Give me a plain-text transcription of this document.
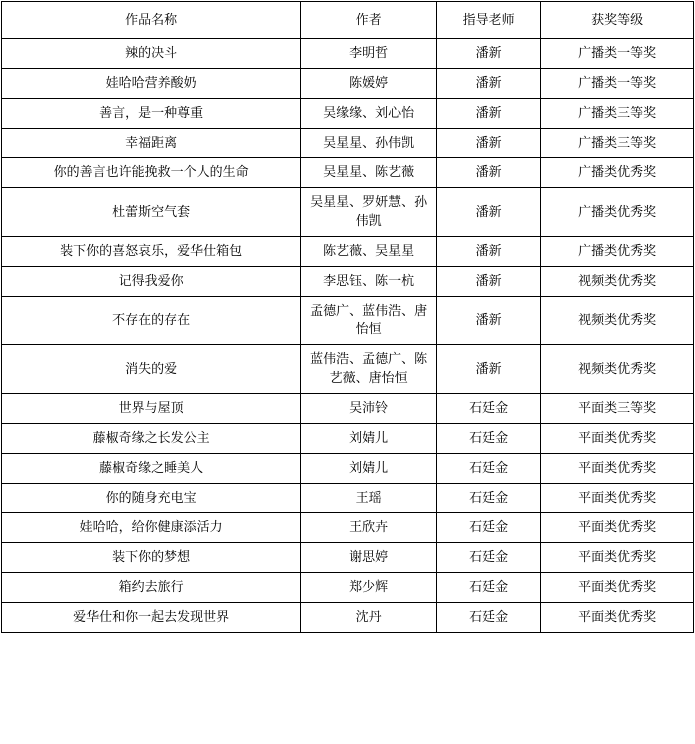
作品名称	作者	指导老师	获奖等级
辣的决斗	李明哲	潘新	广播类一等奖
娃哈哈营养酸奶	陈媛婷	潘新	广播类一等奖
善言，是一种尊重	吴缘缘、刘心怡	潘新	广播类三等奖
幸福距离	吴星星、孙伟凯	潘新	广播类三等奖
你的善言也许能挽救一个人的生命	吴星星、陈艺薇	潘新	广播类优秀奖
杜蕾斯空气套	吴星星、罗妍慧、孙伟凯	潘新	广播类优秀奖
装下你的喜怒哀乐，爱华仕箱包	陈艺薇、吴星星	潘新	广播类优秀奖
记得我爱你	李思钰、陈一杭	潘新	视频类优秀奖
不存在的存在	孟德广、蓝伟浩、唐怡恒	潘新	视频类优秀奖
消失的爱	蓝伟浩、孟德广、陈艺薇、唐怡恒	潘新	视频类优秀奖
世界与屋顶	吴沛铃	石廷金	平面类三等奖
藤椒奇缘之长发公主	刘婧儿	石廷金	平面类优秀奖
藤椒奇缘之睡美人	刘婧儿	石廷金	平面类优秀奖
你的随身充电宝	王瑶	石廷金	平面类优秀奖
娃哈哈，给你健康添活力	王欣卉	石廷金	平面类优秀奖
装下你的梦想	谢思婷	石廷金	平面类优秀奖
箱约去旅行	郑少辉	石廷金	平面类优秀奖
爱华仕和你一起去发现世界	沈丹	石廷金	平面类优秀奖
